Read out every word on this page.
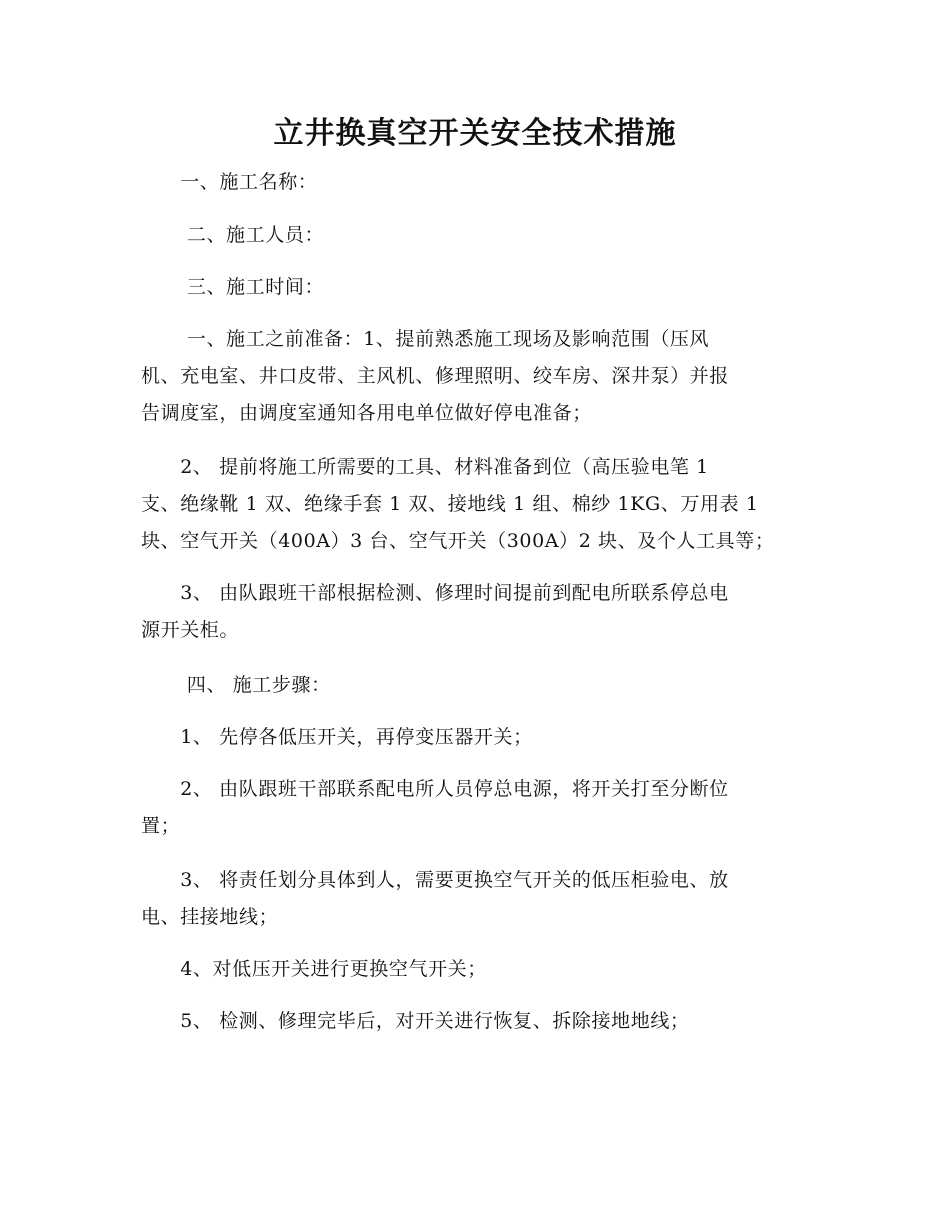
立井换真空开关安全技术措施
　　一、施工名称：
　　 二、施工人员：
　　 三、施工时间：
　　 一、施工之前准备：1、提前熟悉施工现场及影响范围（压风
机、充电室、井口皮带、主风机、修理照明、绞车房、深井泵）并报
告调度室，由调度室通知各用电单位做好停电准备；
　　2、 提前将施工所需要的工具、材料准备到位（高压验电笔 1
支、绝缘靴 1 双、绝缘手套 1 双、接地线 1 组、棉纱 1KG、万用表 1
块、空气开关（400A）3 台、空气开关（300A）2 块、及个人工具等；
　　3、 由队跟班干部根据检测、修理时间提前到配电所联系停总电
源开关柜。
　　 四、 施工步骤：
　　1、 先停各低压开关，再停变压器开关；
　　2、 由队跟班干部联系配电所人员停总电源，将开关打至分断位
置；
　　3、 将责任划分具体到人，需要更换空气开关的低压柜验电、放
电、挂接地线；
　　4、对低压开关进行更换空气开关；
　　5、 检测、修理完毕后，对开关进行恢复、拆除接地地线；
